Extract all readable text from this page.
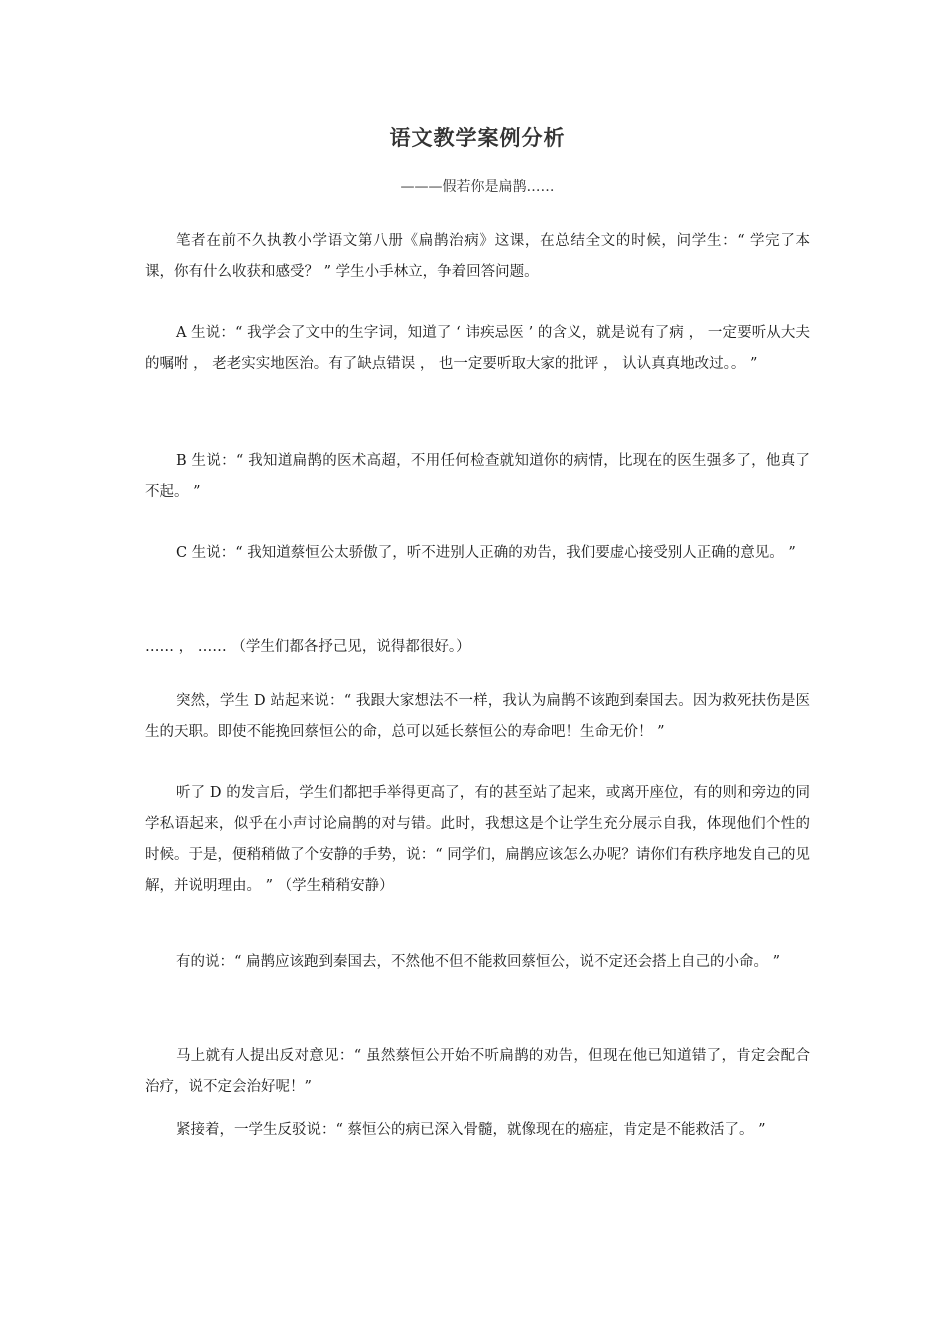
语文教学案例分析
———假若你是扁鹊……
笔者在前不久执教小学语文第八册《扁鹊治病》这课，在总结全文的时候，问学生：“ 学完了本课，你有什么收获和感受？ ” 学生小手林立，争着回答问题。
A 生说：“ 我学会了文中的生字词，知道了 ‘ 讳疾忌医 ’ 的含义，就是说有了病 ， 一定要听从大夫的嘱咐 ， 老老实实地医治。有了缺点错误 ， 也一定要听取大家的批评 ， 认认真真地改过。。 ”
B 生说：“ 我知道扁鹊的医术高超，不用任何检查就知道你的病情，比现在的医生强多了，他真了不起。 ”
C 生说：“ 我知道蔡恒公太骄傲了，听不进别人正确的劝告，我们要虚心接受别人正确的意见。 ”
…… ， …… （学生们都各抒己见，说得都很好。）
突然，学生 D 站起来说：“ 我跟大家想法不一样，我认为扁鹊不该跑到秦国去。因为救死扶伤是医生的天职。即使不能挽回蔡恒公的命，总可以延长蔡恒公的寿命吧！生命无价！ ”
听了 D 的发言后，学生们都把手举得更高了，有的甚至站了起来，或离开座位，有的则和旁边的同学私语起来，似乎在小声讨论扁鹊的对与错。此时，我想这是个让学生充分展示自我，体现他们个性的时候。于是，便稍稍做了个安静的手势，说：“ 同学们，扁鹊应该怎么办呢？请你们有秩序地发自己的见解，并说明理由。 ” （学生稍稍安静）
有的说：“ 扁鹊应该跑到秦国去，不然他不但不能救回蔡恒公，说不定还会搭上自己的小命。 ”
马上就有人提出反对意见：“ 虽然蔡恒公开始不听扁鹊的劝告，但现在他已知道错了，肯定会配合治疗，说不定会治好呢！”
紧接着，一学生反驳说：“ 蔡恒公的病已深入骨髓，就像现在的癌症，肯定是不能救活了。 ”
